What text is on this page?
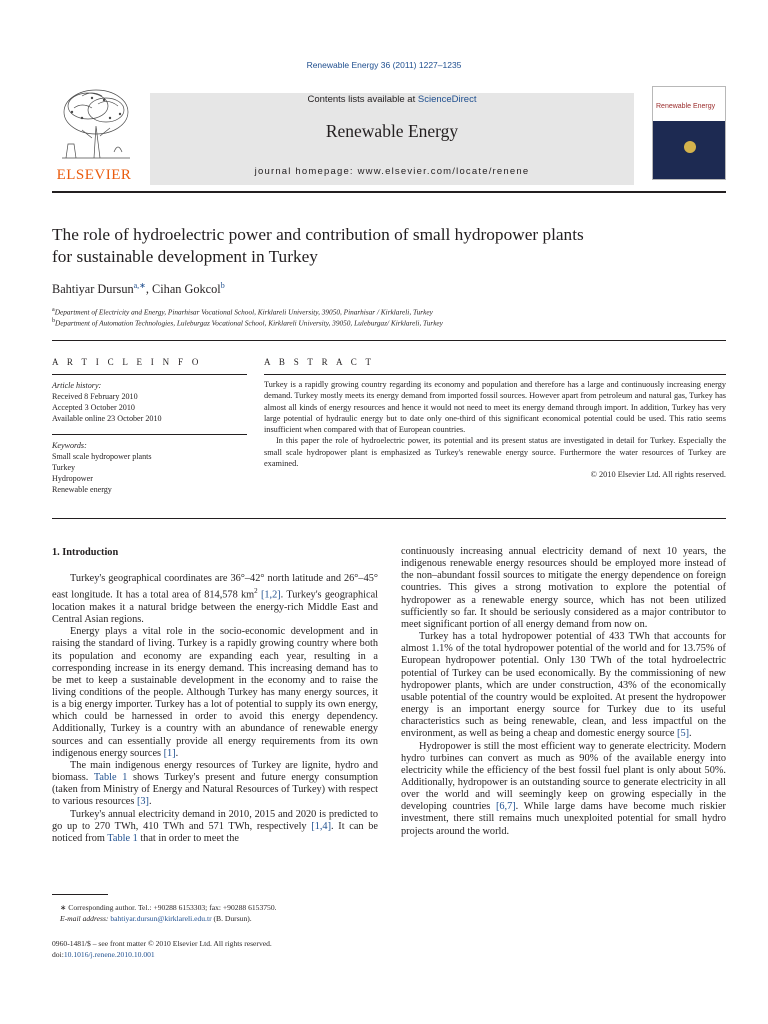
Renewable Energy 36 (2011) 1227–1235
ELSEVIER
Contents lists available at ScienceDirect
Renewable Energy
journal homepage: www.elsevier.com/locate/renene
Renewable Energy
The role of hydroelectric power and contribution of small hydropower plants
for sustainable development in Turkey
Bahtiyar Dursun$^{a,∗}$, Cihan Gokcol$^b$
$^a$Department of Electricity and Energy, Pinarhisar Vocational School, Kirklareli University, 39050, Pinarhisar / Kirklareli, Turkey
$^b$Department of Automation Technologies, Luleburgaz Vocational School, Kirklareli University, 39050, Luleburgaz/ Kirklareli, Turkey
A R T I C L E I N F O	A B S T R A C T
Article history:
Received 8 February 2010
Accepted 3 October 2010
Available online 23 October 2010
Keywords:
Small scale hydropower plants
Turkey
Hydropower
Renewable energy

Turkey is a rapidly growing country regarding its economy and population and therefore has a large and continuously increasing energy demand. Turkey mostly meets its energy demand from imported fossil sources. However apart from petroleum and natural gas, Turkey has almost all kinds of energy resources and hence it would not need to meet its energy demand through import. In addition, Turkey has very large potential of hydraulic energy but to date only one-third of this significant economical potential could be used. This ratio seems insufficient when compared with that of European countries.

In this paper the role of hydroelectric power, its potential and its present status are investigated in detail for Turkey. Especially the small scale hydropower plant is emphasized as Turkey's renewable energy source. Furthermore the water resources of Turkey are examined.

© 2010 Elsevier Ltd. All rights reserved.

1. Introduction

Turkey's geographical coordinates are 36°–42° north latitude and 26°–45° east longitude. It has a total area of 814,578 $km^2$ [1,2]. Turkey's geographical location makes it a natural bridge between the energy-rich Middle East and Central Asian regions.

Energy plays a vital role in the socio-economic development and in raising the standard of living. Turkey is a rapidly growing country where both its population and economy are expanding each year, resulting in a corresponding increase in its energy demand. This increasing demand has to be met to keep a sustainable development in the economy and to raise the living conditions of the people. Although Turkey has many energy sources, it is a big energy importer. Turkey has a lot of potential to supply its own energy, which could be harnessed in order to avoid this energy dependency. Additionally, Turkey is a country with an abundance of renewable energy sources and can essentially provide all energy requirements from its own indigenous energy sources [1].

The main indigenous energy resources of Turkey are lignite, hydro and biomass. Table 1 shows Turkey's present and future energy consumption (taken from Ministry of Energy and Natural Resources of Turkey) with respect to various resources [3].

Turkey's annual electricity demand in 2010, 2015 and 2020 is predicted to go up to 270 TWh, 410 TWh and 571 TWh, respectively [1,4]. It can be noticed from Table 1 that in order to meet the

continuously increasing annual electricity demand of next 10 years, the indigenous renewable energy resources should be employed more instead of the non–abundant fossil sources to mitigate the energy dependence on foreign countries. This gives a strong motivation to explore the potential of hydropower as a renewable energy source, which has not been utilized sufficiently so far. It should be seriously considered as a major contributor to meet significant portion of all energy demand from now on.

Turkey has a total hydropower potential of 433 TWh that accounts for almost 1.1% of the total hydropower potential of the world and for 13.75% of European hydropower potential. Only 130 TWh of the total hydroelectric potential of Turkey can be used economically. By the commissioning of new hydropower plants, which are under construction, 43% of the economically usable potential of the country would be exploited. At present the hydropower energy is an important energy source for Turkey due to its useful characteristics such as being renewable, clean, and less impactful on the environment, as well as being a cheap and domestic energy source [5].

Hydropower is still the most efficient way to generate electricity. Modern hydro turbines can convert as much as 90% of the available energy into electricity while the efficiency of the best fossil fuel plant is only about 50%. Additionally, hydropower is an outstanding source to generate electricity in all over the world and will seemingly keep on growing especially in the developing countries [6,7]. While large dams have become much riskier investment, there still remains much unexploited potential for small hydro projects around the world.

∗ Corresponding author. Tel.: +90288 6153303; fax: +90288 6153750.
E-mail address: bahtiyar.dursun@kirklareli.edu.tr (B. Dursun).
0960-1481/$ – see front matter © 2010 Elsevier Ltd. All rights reserved.
doi:10.1016/j.renene.2010.10.001
